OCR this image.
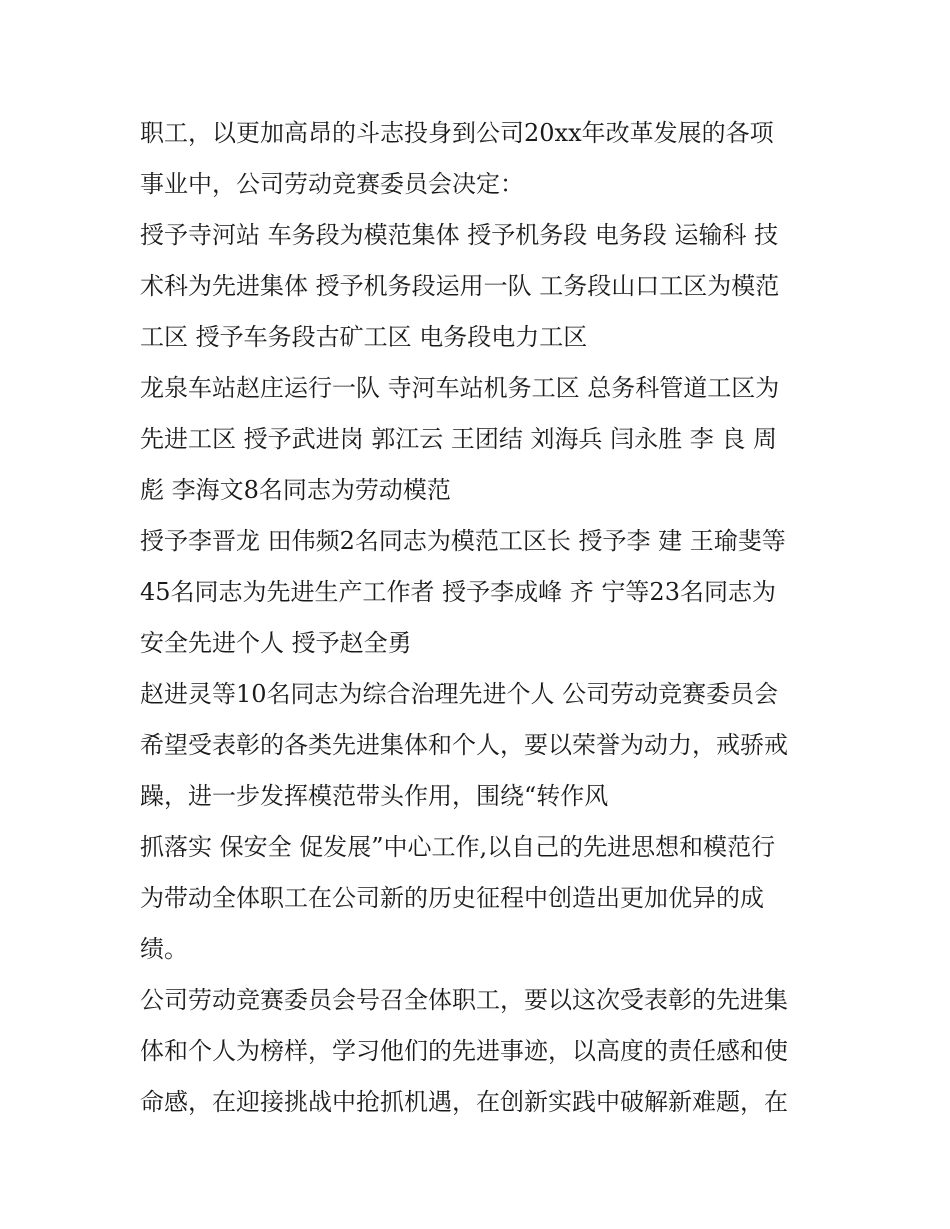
职工，以更加高昂的斗志投身到公司20xx年改革发展的各项
事业中，公司劳动竞赛委员会决定：
授予寺河站 车务段为模范集体 授予机务段 电务段 运输科 技
术科为先进集体 授予机务段运用一队 工务段山口工区为模范
工区 授予车务段古矿工区 电务段电力工区
龙泉车站赵庄运行一队 寺河车站机务工区 总务科管道工区为
先进工区 授予武进岗 郭江云 王团结 刘海兵 闫永胜 李 良 周
彪 李海文8名同志为劳动模范
授予李晋龙 田伟频2名同志为模范工区长 授予李 建 王瑜斐等
45名同志为先进生产工作者 授予李成峰 齐 宁等23名同志为
安全先进个人 授予赵全勇
赵进灵等10名同志为综合治理先进个人 公司劳动竞赛委员会
希望受表彰的各类先进集体和个人，要以荣誉为动力，戒骄戒
躁，进一步发挥模范带头作用，围绕“转作风
抓落实 保安全 促发展”中心工作,以自己的先进思想和模范行
为带动全体职工在公司新的历史征程中创造出更加优异的成
绩。
公司劳动竞赛委员会号召全体职工，要以这次受表彰的先进集
体和个人为榜样，学习他们的先进事迹，以高度的责任感和使
命感，在迎接挑战中抢抓机遇，在创新实践中破解新难题，在
